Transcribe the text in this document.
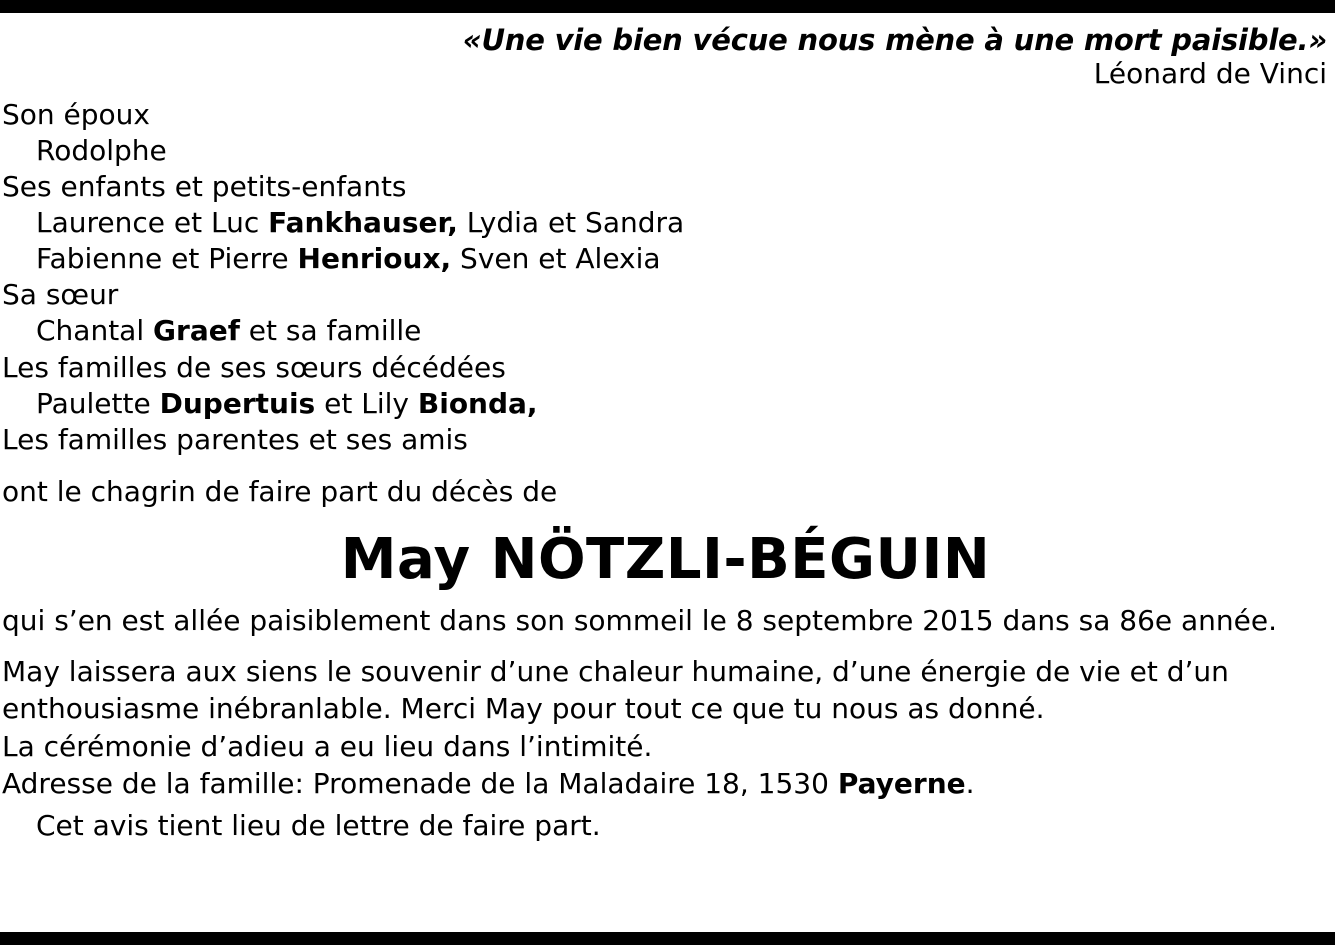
«Une vie bien vécue nous mène à une mort paisible.»
Léonard de Vinci
Son époux
Rodolphe
Ses enfants et petits-enfants
Laurence et Luc Fankhauser, Lydia et Sandra
Fabienne et Pierre Henrioux, Sven et Alexia
Sa sœur
Chantal Graef et sa famille
Les familles de ses sœurs décédées
Paulette Dupertuis et Lily Bionda,
Les familles parentes et ses amis
ont le chagrin de faire part du décès de
May NÖTZLI-BÉGUIN
qui s’en est allée paisiblement dans son sommeil le 8 septembre 2015 dans sa 86e année.

May laissera aux siens le souvenir d’une chaleur humaine, d’une énergie de vie et d’un enthousiasme inébranlable. Merci May pour tout ce que tu nous as donné.

La cérémonie d’adieu a eu lieu dans l’intimité.

Adresse de la famille: Promenade de la Maladaire 18, 1530 Payerne.

Cet avis tient lieu de lettre de faire part.
